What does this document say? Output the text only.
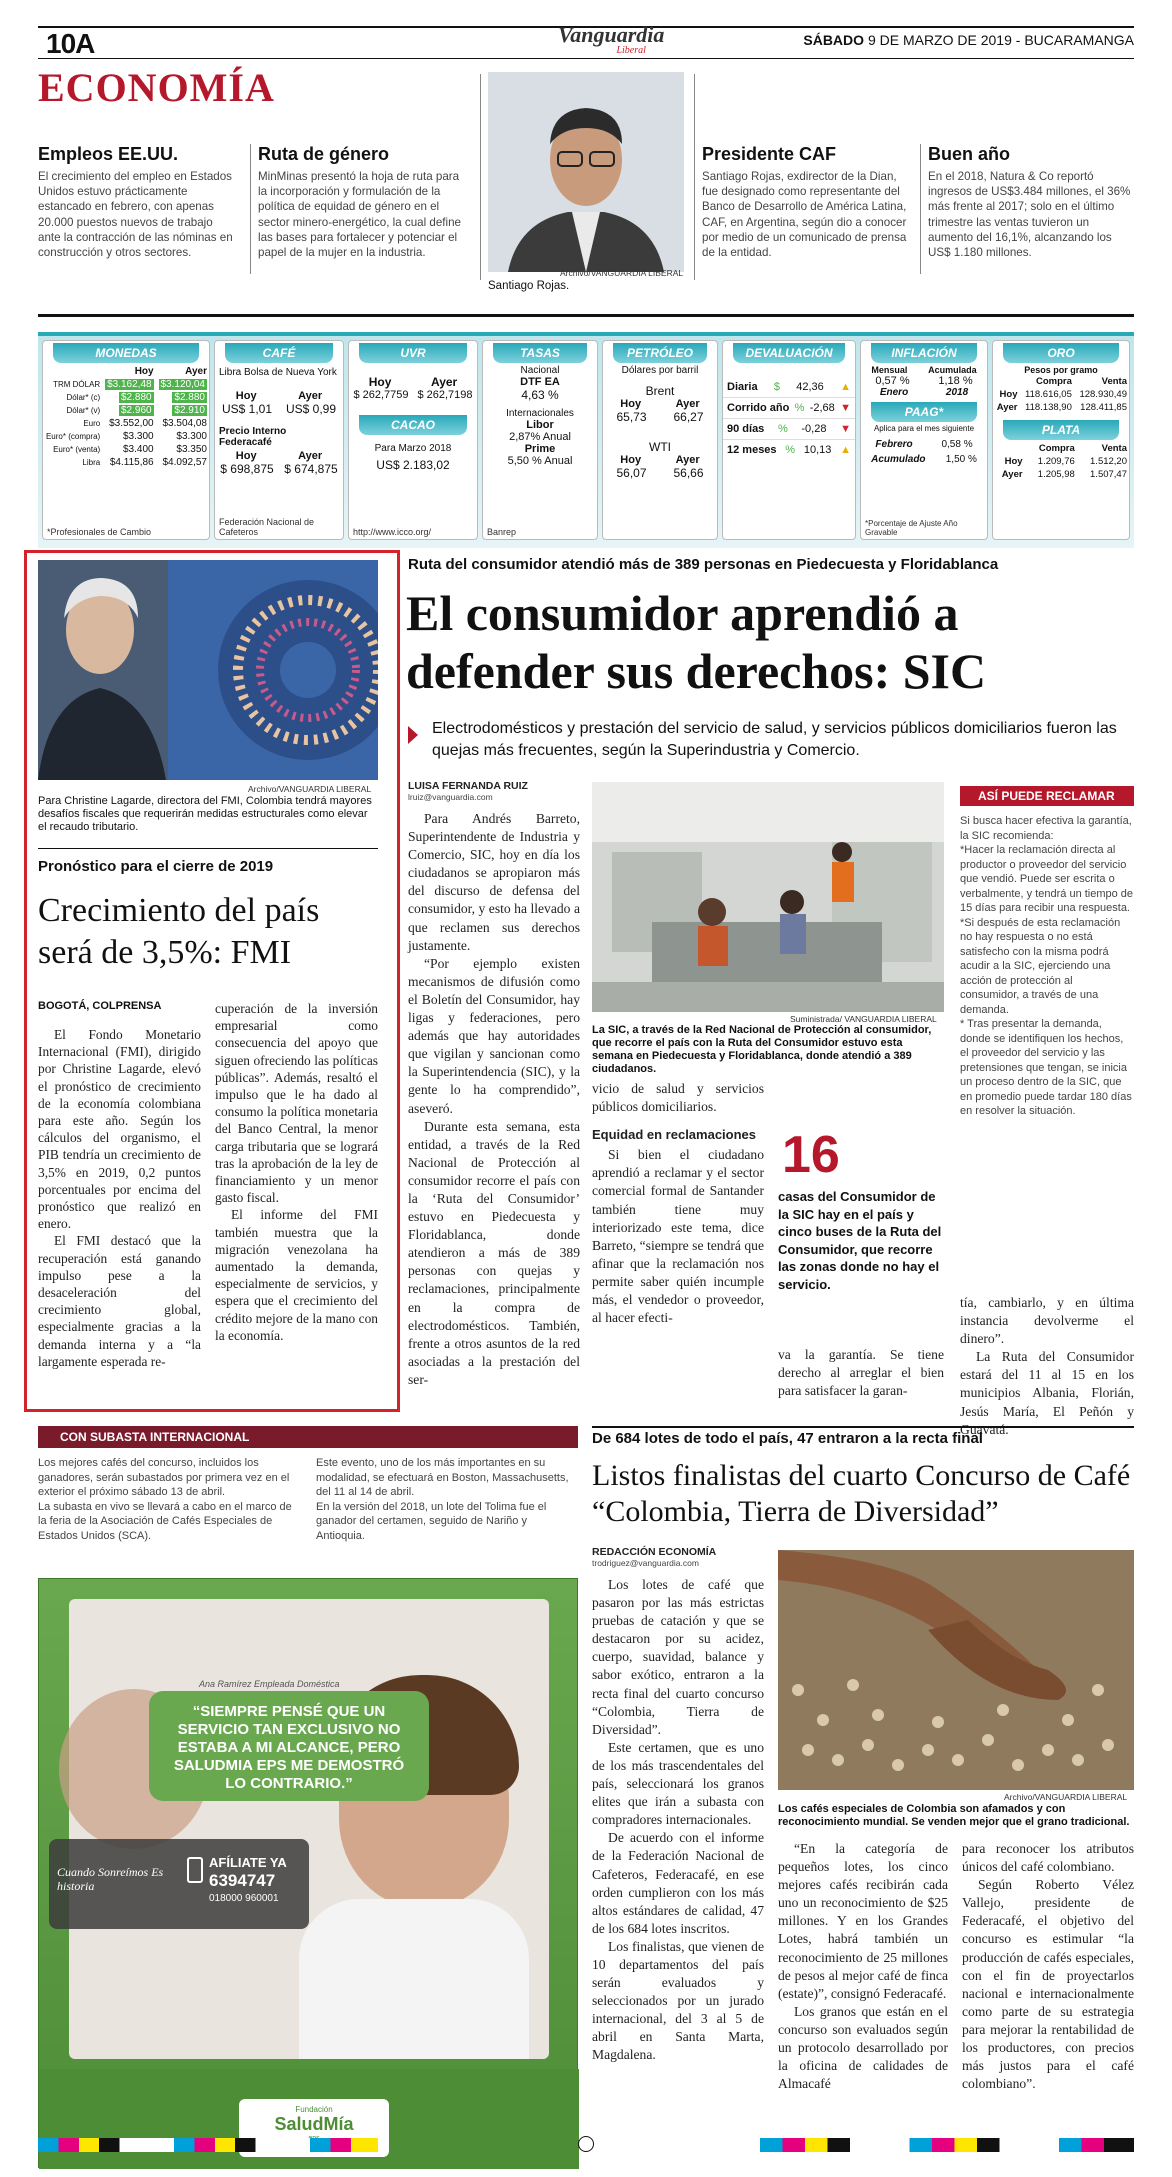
10A	Vanguardia
Liberal
SÁBADO 9 DE MARZO DE 2019 - BUCARAMANGA
ECONOMÍA
Empleos EE.UU.

El crecimiento del empleo en Estados Unidos estuvo prácticamente estancado en febrero, con apenas 20.000 puestos nuevos de trabajo ante la contracción de las nóminas en construcción y otros sectores.

Ruta de género

MinMinas presentó la hoja de ruta para la incorporación y formulación de la política de equidad de género en el sector minero-energético, la cual define las bases para fortalecer y potenciar el papel de la mujer en la industria.

Archivo/VANGUARDIA LIBERAL
Santiago Rojas.
Presidente CAF

Santiago Rojas, exdirector de la Dian, fue designado como representante del Banco de Desarrollo de América Latina, CAF, en Argentina, según dio a conocer por medio de un comunicado de prensa de la entidad.

Buen año

En el 2018, Natura & Co reportó ingresos de US$3.484 millones, el 36% más frente al 2017; solo en el último trimestre las ventas tuvieron un aumento del 16,1%, alcanzando los US$ 1.180 millones.

MONEDAS
	Hoy	Ayer
TRM DÓLAR	$3.162,48	$3.120,04
Dólar* (c)	$2.880	$2.880
Dólar* (v)	$2.960	$2.910
Euro	$3.552,00	$3.504,08
Euro* (compra)	$3.300	$3.300
Euro* (venta)	$3.400	$3.350
Libra	$4.115,86	$4.092,57
*Profesionales de Cambio
CAFÉ
Libra Bolsa de Nueva York
Hoy	Ayer
US$ 1,01 US$ 0,99
Precio Interno Federacafé
Hoy	Ayer
$ 698,875 $ 674,875
Federación Nacional de Cafeteros
UVR
Hoy	Ayer
$ 262,7759 $ 262,7198
CACAO
Para Marzo 2018
US$ 2.183,02
http://www.icco.org/
TASAS
Nacional
DTF EA
4,63 %
Internacionales
Libor
2,87% Anual
Prime
5,50 % Anual
Banrep
PETRÓLEO
Dólares por barril
Brent
Hoy	Ayer
65,73 66,27
WTI
Hoy	Ayer
56,07 56,66
DEVALUACIÓN
Diaria $ 42,36 ▲
Corrido año % -2,68 ▼
90 días % -0,28 ▼
12 meses % 10,13 ▲
INFLACIÓN
Mensual Acumulada
0,57 %	1,18 %
Enero	2018
PAAG*
Aplica para el mes siguiente
Febrero	0,58 %
Acumulado 1,50 %
*Porcentaje de Ajuste Año Gravable
ORO
Pesos por gramo
	Compra	Venta
Hoy	118.616,05	128.930,49
Ayer	118.138,90	128.411,85
PLATA
	Compra	Venta
Hoy	1.209,76	1.512,20
Ayer	1.205,98	1.507,47
Archivo/VANGUARDIA LIBERAL
Para Christine Lagarde, directora del FMI, Colombia tendrá mayores desafíos fiscales que requerirán medidas estructurales como elevar el recaudo tributario.
Pronóstico para el cierre de 2019
Crecimiento del país será de 3,5%: FMI
BOGOTÁ, COLPRENSA

El Fondo Monetario Internacional (FMI), dirigido por Christine Lagarde, elevó el pronóstico de crecimiento de la economía colombiana para este año. Según los cálculos del organismo, el PIB tendría un crecimiento de 3,5% en 2019, 0,2 puntos porcentuales por encima del pronóstico que realizó en enero.

El FMI destacó que la recuperación está ganando impulso pese a la desaceleración del crecimiento global, especialmente gracias a la demanda interna y a “la largamente esperada re-

cuperación de la inversión empresarial como consecuencia del apoyo que siguen ofreciendo las políticas públicas”. Además, resaltó el impulso que le ha dado al consumo la política monetaria del Banco Central, la menor carga tributaria que se logrará tras la aprobación de la ley de financiamiento y un menor gasto fiscal.

El informe del FMI también muestra que la migración venezolana ha aumentado la demanda, especialmente de servicios, y espera que el crecimiento del crédito mejore de la mano con la economía.

Ruta del consumidor atendió más de 389 personas en Piedecuesta y Floridablanca
El consumidor aprendió a defender sus derechos: SIC
Electrodomésticos y prestación del servicio de salud, y servicios públicos domiciliarios fueron las quejas más frecuentes, según la Superindustria y Comercio.
LUISA FERNANDA RUIZ
lruiz@vanguardia.com

Para Andrés Barreto, Superintendente de Industria y Comercio, SIC, hoy en día los ciudadanos se apropiaron más del discurso de defensa del consumidor, y esto ha llevado a que reclamen sus derechos justamente.

“Por ejemplo existen mecanismos de difusión como el Boletín del Consumidor, hay ligas y federaciones, pero además que hay autoridades que vigilan y sancionan como la Superintendencia (SIC), y la gente lo ha comprendido”, aseveró.

Durante esta semana, esta entidad, a través de la Red Nacional de Protección al consumidor recorre el país con la ‘Ruta del Consumidor’ estuvo en Piedecuesta y Floridablanca, donde atendieron a más de 389 personas con quejas y reclamaciones, principalmente en la compra de electrodomésticos. También, frente a otros asuntos de la red asociadas a la prestación del ser-

Suministrada/ VANGUARDIA LIBERAL
La SIC, a través de la Red Nacional de Protección al consumidor, que recorre el país con la Ruta del Consumidor estuvo esta semana en Piedecuesta y Floridablanca, donde atendió a 389 ciudadanos.

vicio de salud y servicios públicos domiciliarios.

Equidad en reclamaciones

Si bien el ciudadano aprendió a reclamar y el sector comercial formal de Santander también tiene muy interiorizado este tema, dice Barreto, “siempre se tendrá que afinar que la reclamación nos permite saber quién incumple más, el vendedor o proveedor, al hacer efecti-

16
casas del Consumidor de la SIC hay en el país y cinco buses de la Ruta del Consumidor, que recorre las zonas donde no hay el servicio.
va la garantía. Se tiene derecho al arreglar el bien para satisfacer la garan-
ASÍ PUEDE RECLAMAR
Si busca hacer efectiva la garantía, la SIC recomienda:
*Hacer la reclamación directa al productor o proveedor del servicio que vendió. Puede ser escrita o verbalmente, y tendrá un tiempo de 15 días para recibir una respuesta.
*Si después de esta reclamación no hay respuesta o no está satisfecho con la misma podrá acudir a la SIC, ejerciendo una acción de protección al consumidor, a través de una demanda.
* Tras presentar la demanda, donde se identifiquen los hechos, el proveedor del servicio y las pretensiones que tengan, se inicia un proceso dentro de la SIC, que en promedio puede tardar 180 días en resolver la situación.

tía, cambiarlo, y en última instancia devolverme el dinero”.

La Ruta del Consumidor estará del 11 al 15 en los municipios Albania, Florián, Jesús María, El Peñón y Guavatá.

CON SUBASTA INTERNACIONAL
Los mejores cafés del concurso, incluidos los ganadores, serán subastados por primera vez en el exterior el próximo sábado 13 de abril.
La subasta en vivo se llevará a cabo en el marco de la feria de la Asociación de Cafés Especiales de Estados Unidos (SCA).
Este evento, uno de los más importantes en su modalidad, se efectuará en Boston, Massachusetts, del 11 al 14 de abril.
En la versión del 2018, un lote del Tolima fue el ganador del certamen, seguido de Nariño y Antioquia.
Ana Ramírez Empleada Doméstica
“SIEMPRE PENSÉ QUE UN SERVICIO TAN EXCLUSIVO NO ESTABA A MI ALCANCE, PERO SALUDMIA EPS ME DEMOSTRÓ LO CONTRARIO.”
Cuando Sonreímos Es historia
AFÍLIATE YA
6394747
018000 960001
Fundación
SaludMía
De 684 lotes de todo el país, 47 entraron a la recta final
Listos finalistas del cuarto Concurso de Café “Colombia, Tierra de Diversidad”
REDACCIÓN ECONOMÍA
trodriguez@vanguardia.com

Los lotes de café que pasaron por las más estrictas pruebas de catación y que se destacaron por su acidez, cuerpo, suavidad, balance y sabor exótico, entraron a la recta final del cuarto concurso “Colombia, Tierra de Diversidad”.

Este certamen, que es uno de los más trascendentales del país, seleccionará los granos elites que irán a subasta con compradores internacionales.

De acuerdo con el informe de la Federación Nacional de Cafeteros, Federacafé, en ese orden cumplieron con los más altos estándares de calidad, 47 de los 684 lotes inscritos.

Los finalistas, que vienen de 10 departamentos del país serán evaluados y seleccionados por un jurado internacional, del 3 al 5 de abril en Santa Marta, Magdalena.

Archivo/VANGUARDIA LIBERAL
Los cafés especiales de Colombia son afamados y con reconocimiento mundial. Se venden mejor que el grano tradicional.

“En la categoría de pequeños lotes, los cinco mejores cafés recibirán cada uno un reconocimiento de $25 millones. Y en los Grandes Lotes, habrá también un reconocimiento de 25 millones de pesos al mejor café de finca (estate)”, consignó Federacafé.

Los granos que están en el concurso son evaluados según un protocolo desarrollado por la oficina de calidades de Almacafé

para reconocer los atributos únicos del café colombiano.

Según Roberto Vélez Vallejo, presidente de Federacafé, el objetivo del concurso es estimular “la producción de cafés especiales, con el fin de proyectarlos nacional e internacionalmente como parte de su estrategia para mejorar la rentabilidad de los productores, con precios más justos para el café colombiano”.
